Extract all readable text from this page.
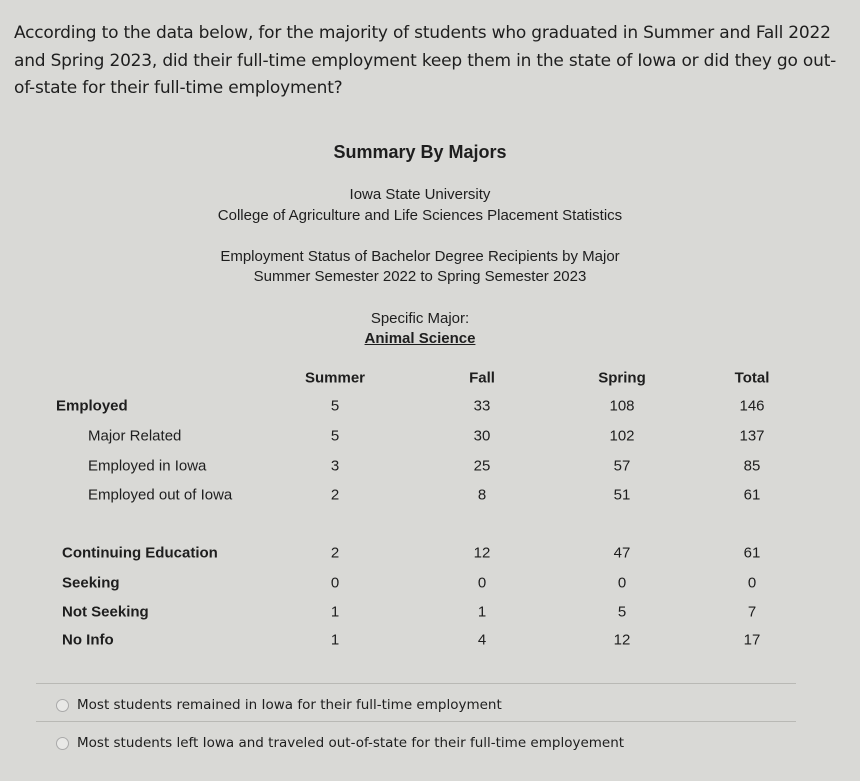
According to the data below, for the majority of students who graduated in Summer and Fall 2022 and Spring 2023, did their full-time employment keep them in the state of Iowa or did they go out-of-state for their full-time employment?
Summary By Majors
Iowa State University
College of Agriculture and Life Sciences Placement Statistics
Employment Status of Bachelor Degree Recipients by Major
Summer Semester 2022 to Spring Semester 2023
Specific Major:
Animal Science
Summer	Fall	Spring	Total
Employed	5	33	108	146
Major Related	5	30	102	137
Employed in Iowa	3	25	57	85
Employed out of Iowa	2	8	51	61
Continuing Education	2	12	47	61
Seeking	0	0	0	0
Not Seeking	1	1	5	7
No Info	1	4	12	17
Most students remained in Iowa for their full-time employment
Most students left Iowa and traveled out-of-state for their full-time employement
